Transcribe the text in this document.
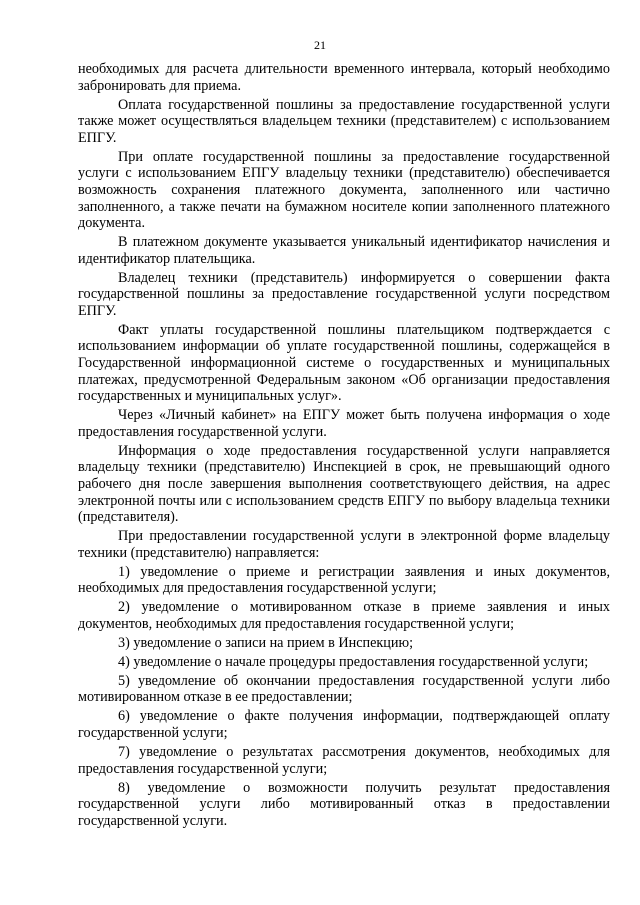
21

необходимых для расчета длительности временного интервала, который необходимо забронировать для приема.

Оплата государственной пошлины за предоставление государственной услуги также может осуществляться владельцем техники (представителем) с использованием ЕПГУ.

При оплате государственной пошлины за предоставление государственной услуги с использованием ЕПГУ владельцу техники (представителю) обеспечивается возможность сохранения платежного документа, заполненного или частично заполненного, а также печати на бумажном носителе копии заполненного платежного документа.

В платежном документе указывается уникальный идентификатор начисления и идентификатор плательщика.

Владелец техники (представитель) информируется о совершении факта государственной пошлины за предоставление государственной услуги посредством ЕПГУ.

Факт уплаты государственной пошлины плательщиком подтверждается с использованием информации об уплате государственной пошлины, содержащейся в Государственной информационной системе о государственных и муниципальных платежах, предусмотренной Федеральным законом «Об организации предоставления государственных и муниципальных услуг».

Через «Личный кабинет» на ЕПГУ может быть получена информация о ходе предоставления государственной услуги.

Информация о ходе предоставления государственной услуги направляется владельцу техники (представителю) Инспекцией в срок, не превышающий одного рабочего дня после завершения выполнения соответствующего действия, на адрес электронной почты или с использованием средств ЕПГУ по выбору владельца техники (представителя).

При предоставлении государственной услуги в электронной форме владельцу техники (представителю) направляется:

1) уведомление о приеме и регистрации заявления и иных документов, необходимых для предоставления государственной услуги;

2) уведомление о мотивированном отказе в приеме заявления и иных документов, необходимых для предоставления государственной услуги;

3) уведомление о записи на прием в Инспекцию;

4) уведомление о начале процедуры предоставления государственной услуги;

5) уведомление об окончании предоставления государственной услуги либо мотивированном отказе в ее предоставлении;

6) уведомление о факте получения информации, подтверждающей оплату государственной услуги;

7) уведомление о результатах рассмотрения документов, необходимых для предоставления государственной услуги;

8) уведомление о возможности получить результат предоставления государственной услуги либо мотивированный отказ в предоставлении государственной услуги.
